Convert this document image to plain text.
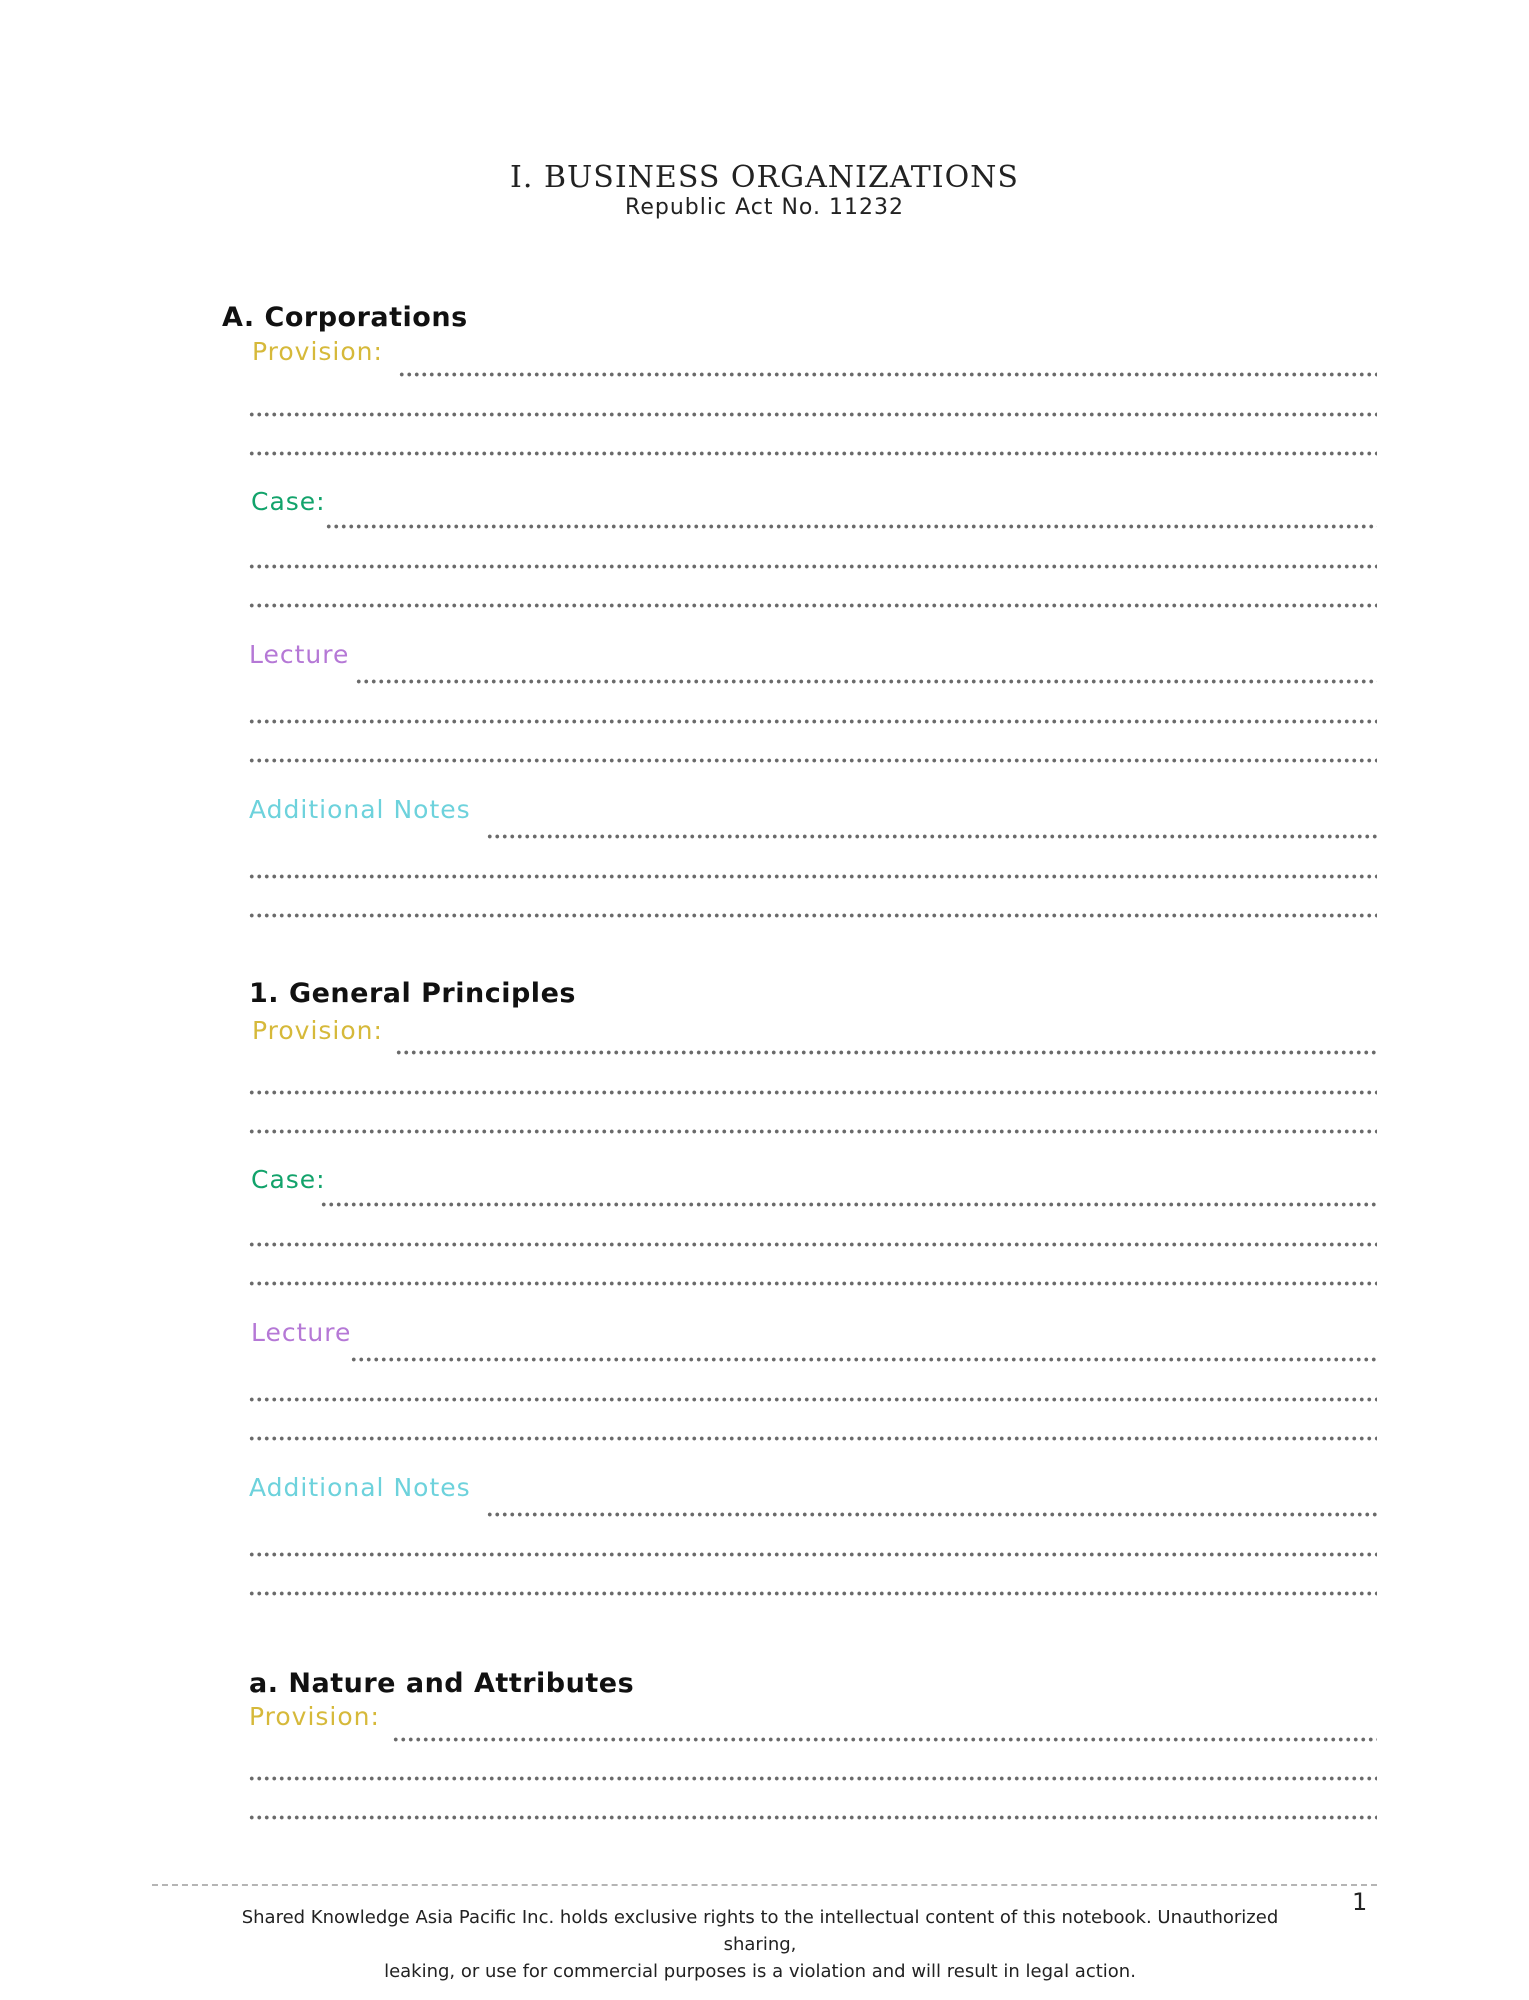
I. BUSINESS ORGANIZATIONS
Republic Act No. 11232
A. Corporations
Provision:
Case:
Lecture
Additional Notes
1. General Principles
Provision:
Case:
Lecture
Additional Notes
a. Nature and Attributes
Provision:
1
Shared Knowledge Asia Pacific Inc. holds exclusive rights to the intellectual content of this notebook. Unauthorized sharing,
leaking, or use for commercial purposes is a violation and will result in legal action.
